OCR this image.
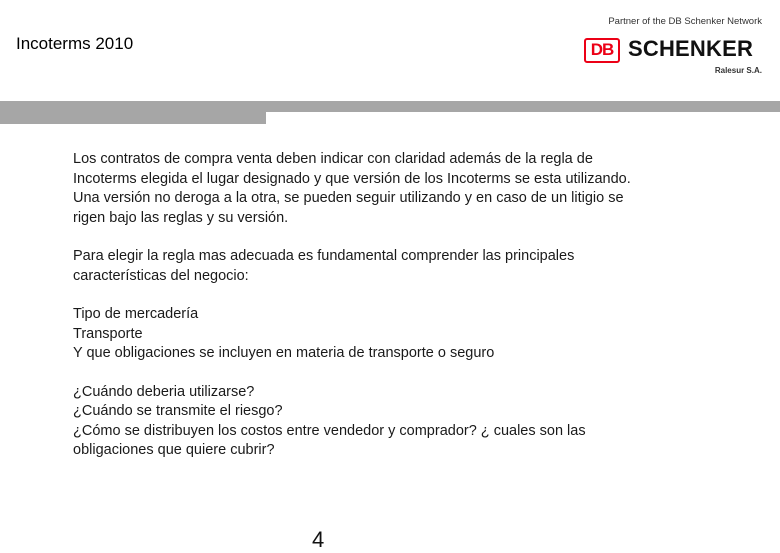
Incoterms 2010
Partner of the DB Schenker Network
DB SCHENKER
Ralesur S.A.

Los contratos de compra venta deben indicar con claridad además de la regla de
Incoterms elegida el lugar designado y que versión de los Incoterms se esta utilizando.
Una versión no deroga a la otra, se pueden seguir utilizando y en caso de un litigio se
rigen bajo las reglas y su versión.

Para elegir la regla mas adecuada es fundamental comprender las principales
características del negocio:

Tipo de mercadería
Transporte
Y que obligaciones se incluyen en materia de transporte o seguro

¿Cuándo deberia utilizarse?
¿Cuándo se transmite el riesgo?
¿Cómo se distribuyen los costos entre vendedor y comprador? ¿ cuales son las
obligaciones que quiere cubrir?

4
